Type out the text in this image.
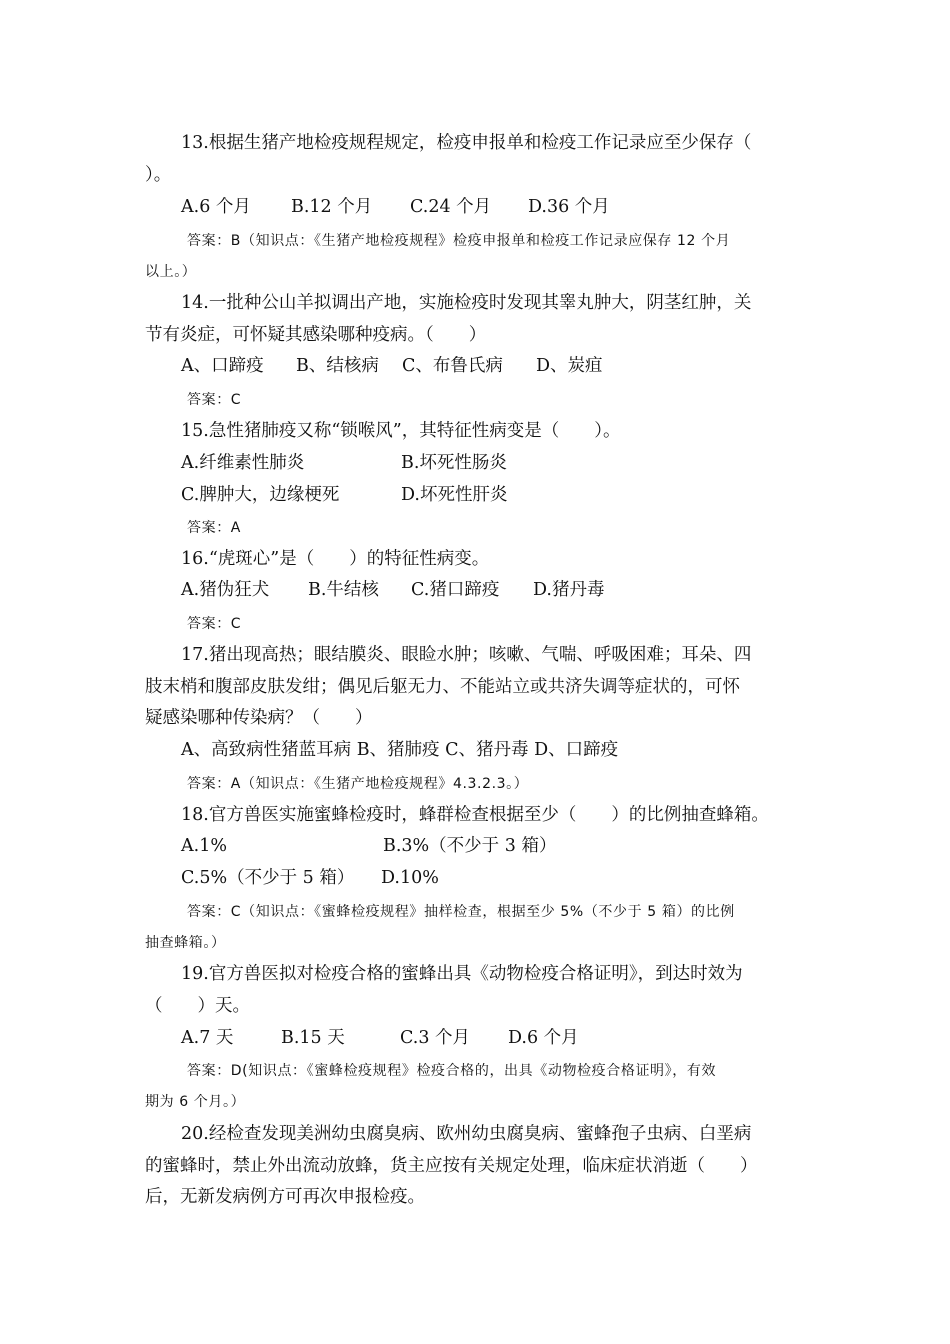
13.根据生猪产地检疫规程规定，检疫申报单和检疫工作记录应至少保存（
）。
A.6 个月 B.12 个月 C.24 个月 D.36 个月
答案：B（知识点：《生猪产地检疫规程》检疫申报单和检疫工作记录应保存 12 个月
以上。）
14.一批种公山羊拟调出产地，实施检疫时发现其睾丸肿大，阴茎红肿，关
节有炎症，可怀疑其感染哪种疫病。（　　）
A、口蹄疫 B、结核病 C、布鲁氏病 D、炭疽
答案：C
15.急性猪肺疫又称“锁喉风”，其特征性病变是（　　）。
A.纤维素性肺炎	B.坏死性肠炎
C.脾肿大，边缘梗死	D.坏死性肝炎
答案：A
16.“虎斑心”是（　　）的特征性病变。
A.猪伪狂犬 B.牛结核 C.猪口蹄疫 D.猪丹毒
答案：C
17.猪出现高热；眼结膜炎、眼睑水肿；咳嗽、气喘、呼吸困难；耳朵、四
肢末梢和腹部皮肤发绀；偶见后躯无力、不能站立或共济失调等症状的，可怀
疑感染哪种传染病？（　　）
A、高致病性猪蓝耳病 B、猪肺疫 C、猪丹毒 D、口蹄疫
答案：A（知识点：《生猪产地检疫规程》4.3.2.3。）
18.官方兽医实施蜜蜂检疫时，蜂群检查根据至少（　　）的比例抽查蜂箱。
A.1%	B.3%（不少于 3 箱）
C.5%（不少于 5 箱） D.10%
答案：C（知识点：《蜜蜂检疫规程》抽样检查，根据至少 5%（不少于 5 箱）的比例
抽查蜂箱。）
19.官方兽医拟对检疫合格的蜜蜂出具《动物检疫合格证明》，到达时效为
（　　）天。
A.7 天	B.15 天	C.3 个月 D.6 个月
答案：D(知识点：《蜜蜂检疫规程》检疫合格的，出具《动物检疫合格证明》，有效
期为 6 个月。）
20.经检查发现美洲幼虫腐臭病、欧州幼虫腐臭病、蜜蜂孢子虫病、白垩病
的蜜蜂时，禁止外出流动放蜂，货主应按有关规定处理，临床症状消逝（　　）
后，无新发病例方可再次申报检疫。
